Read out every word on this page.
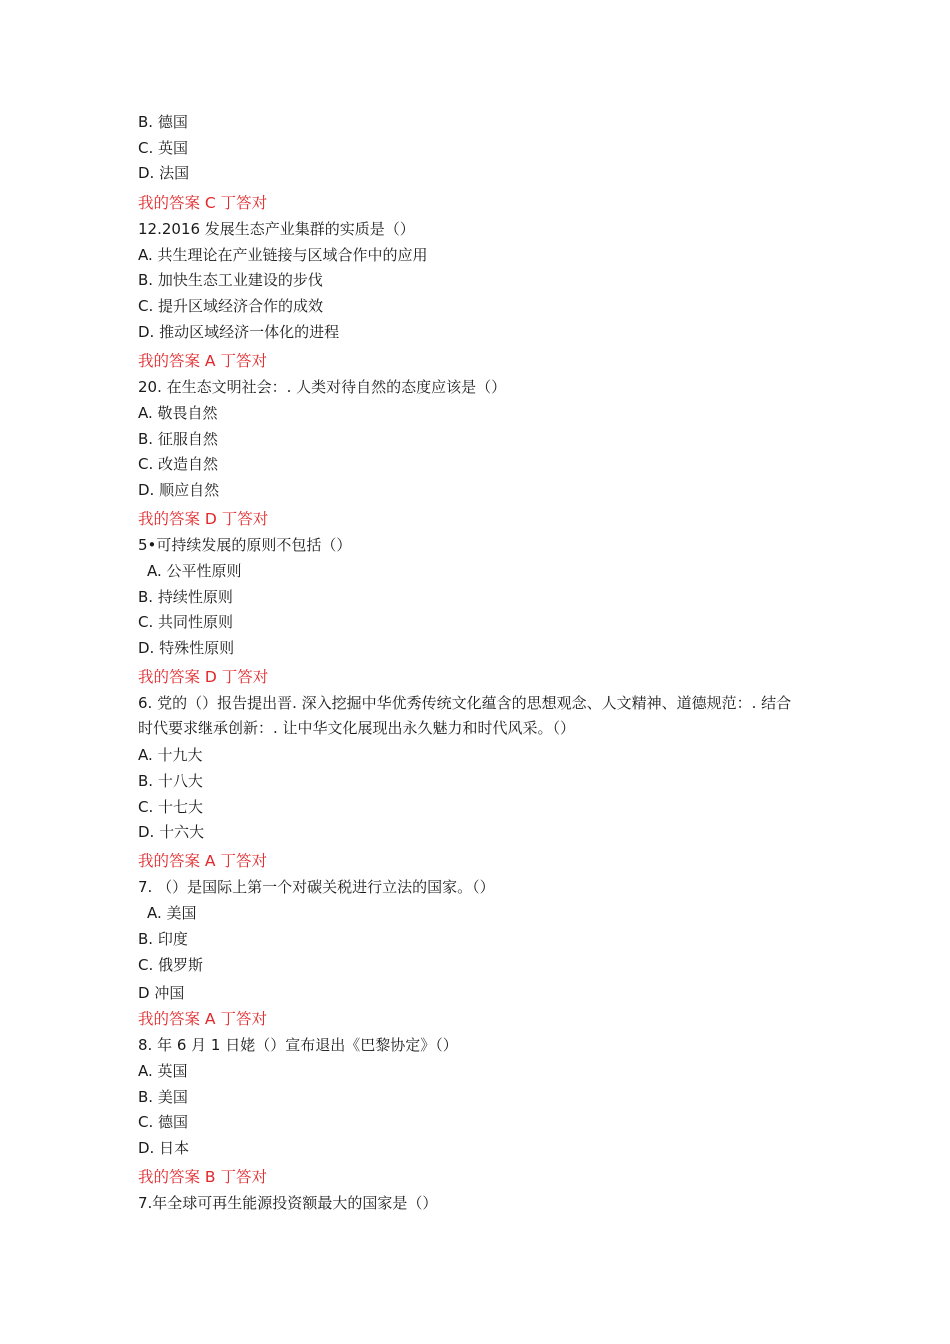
B. 德国
C. 英国
D. 法国
我的答案 C 丁答对
12.2016 发展生态产业集群的实质是（）
A. 共生理论在产业链接与区域合作中的应用
B. 加快生态工业建设的步伐
C. 提升区域经济合作的成效
D. 推动区域经济一体化的进程
我的答案 A 丁答对
20. 在生态文明社会：. 人类对待自然的态度应该是（）
A. 敬畏自然
B. 征服自然
C. 改造自然
D. 顺应自然
我的答案 D 丁答对
5•可持续发展的原则不包括（）
A. 公平性原则
B. 持续性原则
C. 共同性原则
D. 特殊性原则
我的答案 D 丁答对
6. 党的（）报告提出晋. 深入挖掘中华优秀传统文化蕴含的思想观念、人文精神、道德规范：. 结合时代要求继承创新：. 让中华文化展现出永久魅力和时代风采。（）
A. 十九大
B. 十八大
C. 十七大
D. 十六大
我的答案 A 丁答对
7. （）是国际上第一个对碳关税进行立法的国家。（）
A. 美国
B. 印度
C. 俄罗斯
D 冲国
我的答案 A 丁答对
8. 年 6 月 1 日姥（）宣布退出《巴黎协定》（）
A. 英国
B. 美国
C. 德国
D. 日本
我的答案 B 丁答对
7.年全球可再生能源投资额最大的国家是（）
